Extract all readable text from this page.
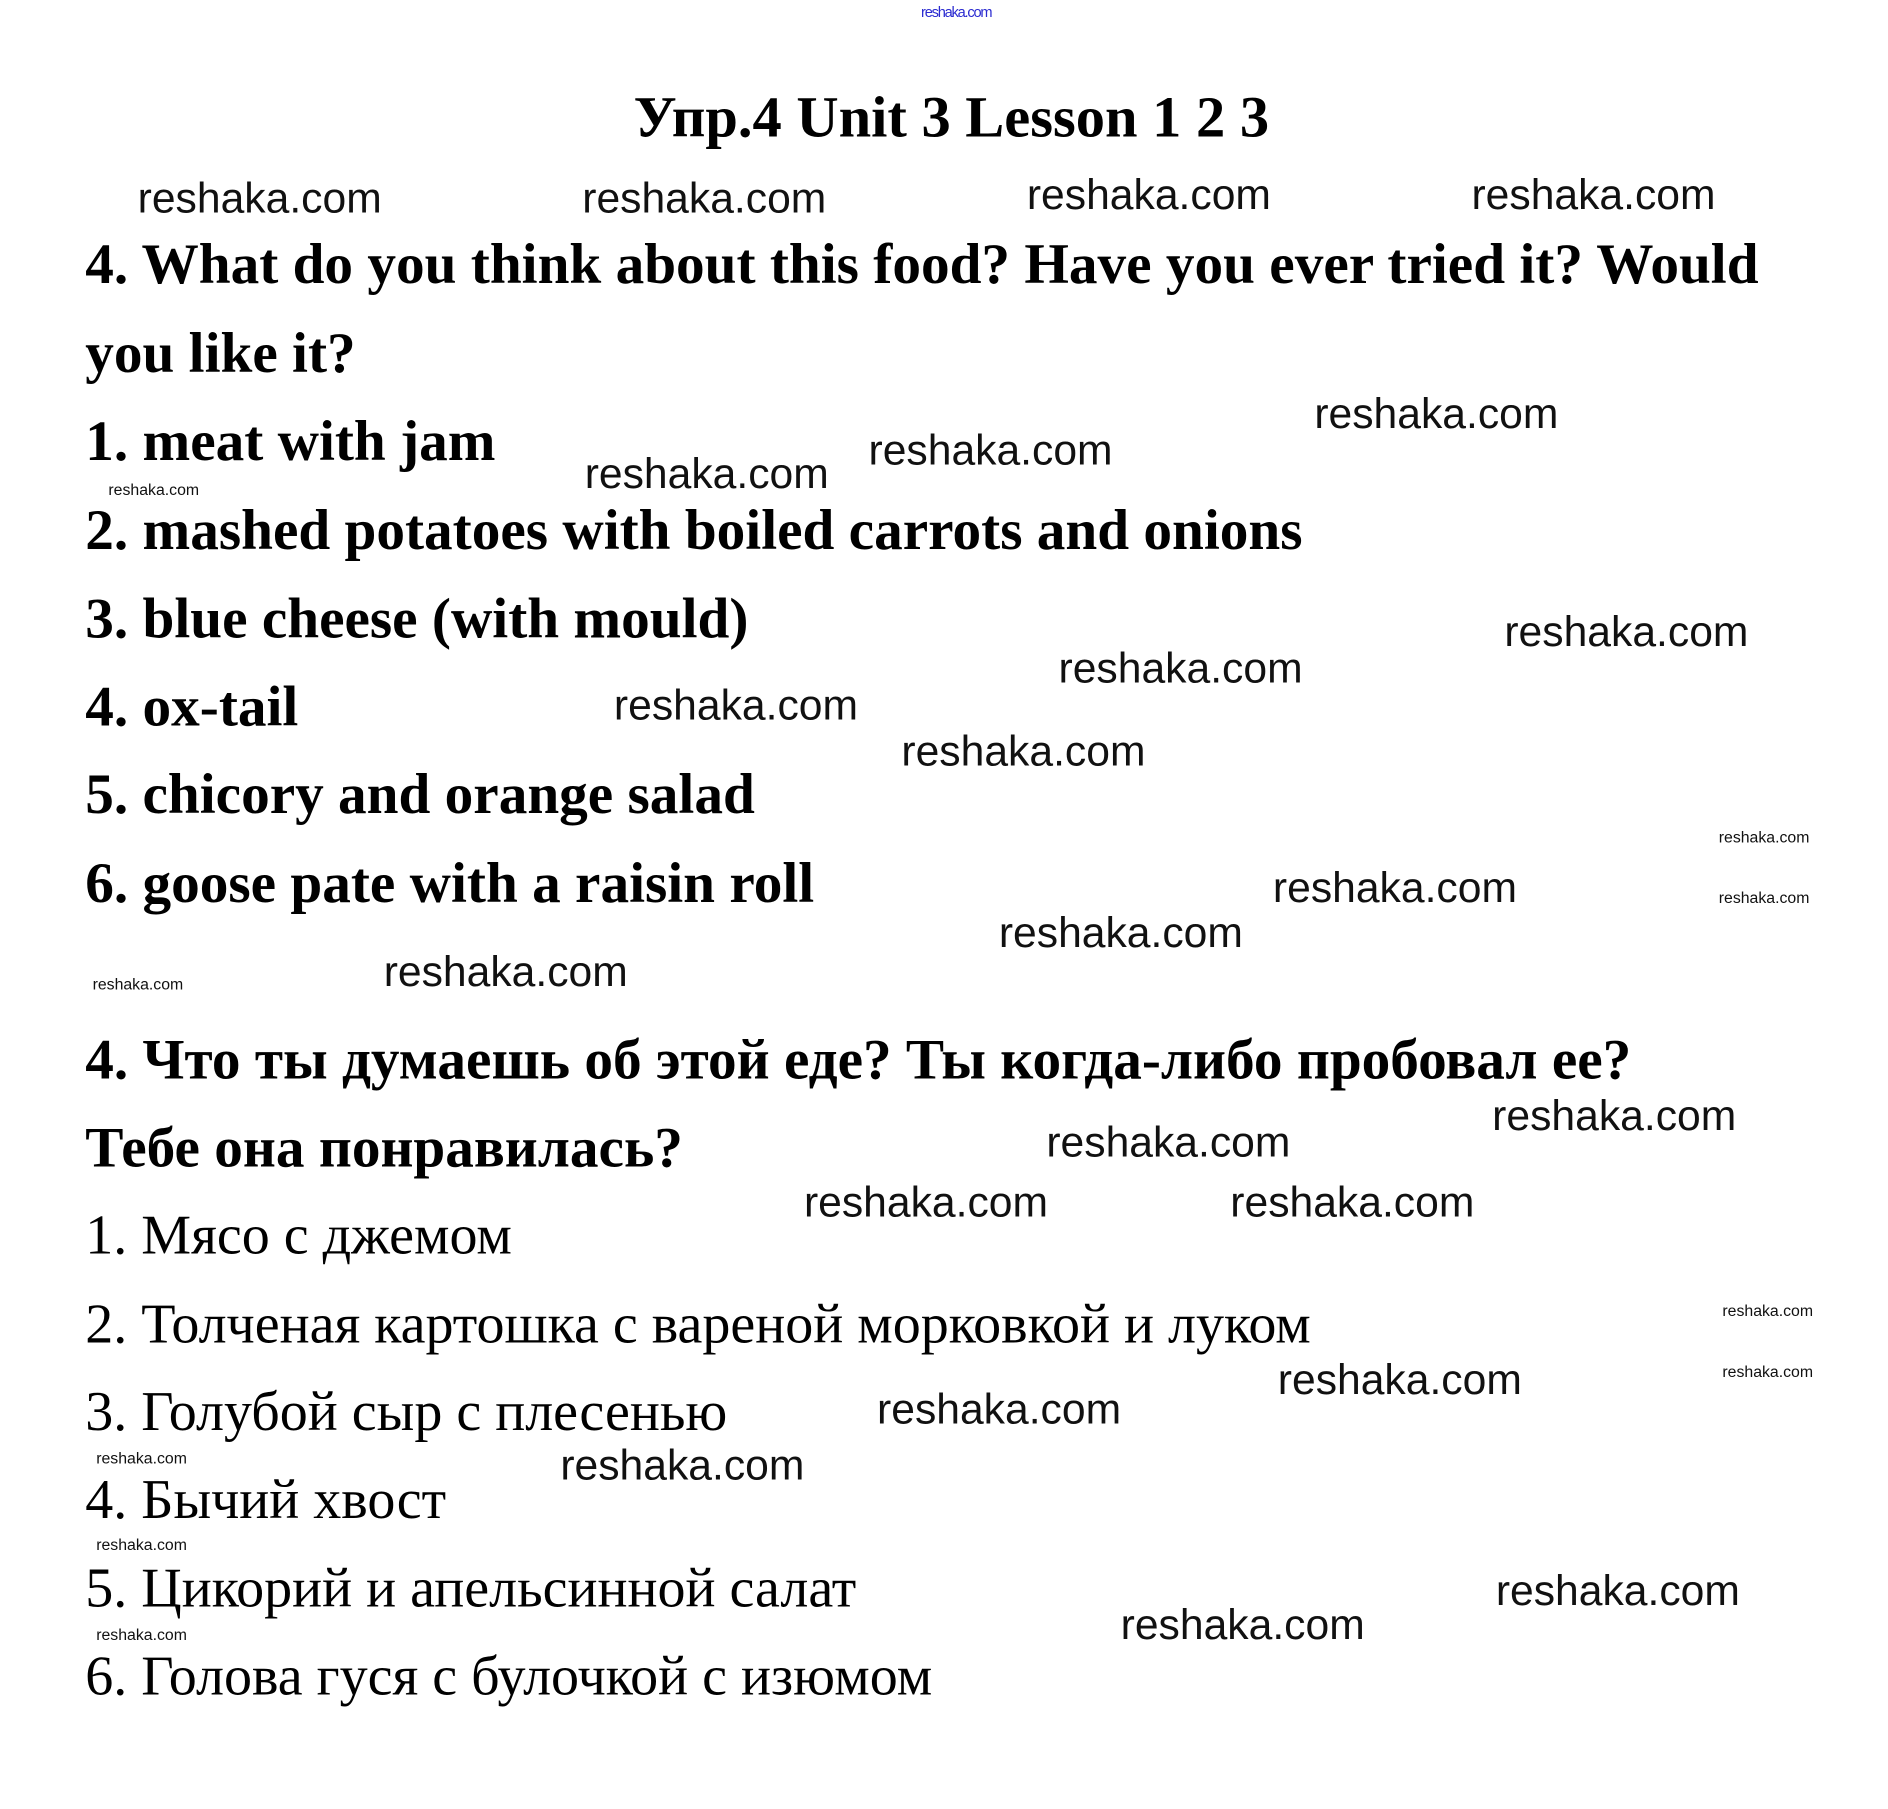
reshaka.com
Упр.4 Unit 3 Lesson 1 2 3
4. What do you think about this food? Have you ever tried it? Would
you like it?
1. meat with jam
2. mashed potatoes with boiled carrots and onions
3. blue cheese (with mould)
4. ox-tail
5. chicory and orange salad
6. goose pate with a raisin roll
4. Что ты думаешь об этой еде? Ты когда-либо пробовал ее?
Тебе она понравилась?
1. Мясо с джемом
2. Толченая картошка с вареной морковкой и луком
3. Голубой сыр с плесенью
4. Бычий хвост
5. Цикорий и апельсинной салат
6. Голова гуся с булочкой с изюмом
reshaka.com	reshaka.com
reshaka.com	reshaka.com
reshaka.com
reshaka.com
reshaka.com
reshaka.com
reshaka.com
reshaka.com
reshaka.com
reshaka.com
reshaka.com
reshaka.com	reshaka.com
reshaka.com
reshaka.com	reshaka.com
reshaka.com
reshaka.com
reshaka.com	reshaka.com
reshaka.com
reshaka.com	reshaka.com
reshaka.com
reshaka.com	reshaka.com
reshaka.com
reshaka.com
reshaka.com
reshaka.com
